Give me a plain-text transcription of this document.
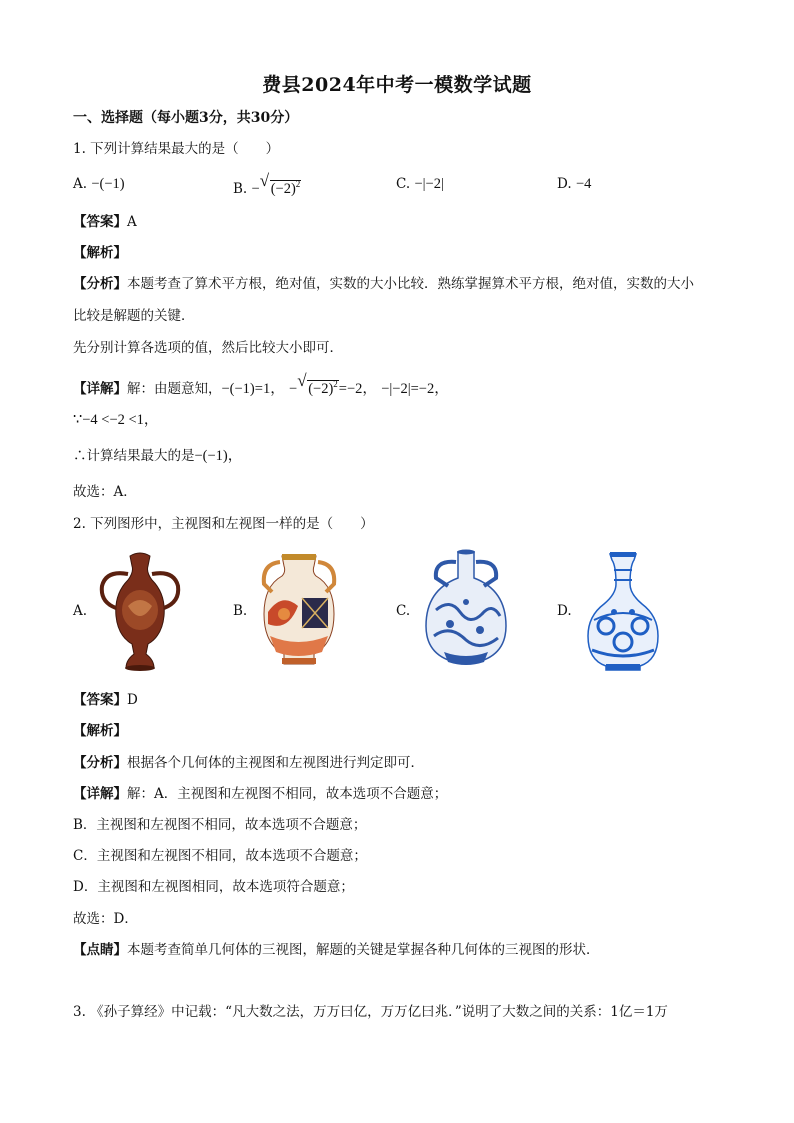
费县2024年中考一模数学试题
一、选择题（每小题3分，共30分）
1. 下列计算结果最大的是（　　）
A. −(−1)	B. − √ $(-2)^2$	C. −|−2|	D. −4
【答案】A
【解析】
【分析】本题考查了算术平方根，绝对值，实数的大小比较．熟练掌握算术平方根，绝对值，实数的大小
比较是解题的关键．
先分别计算各选项的值，然后比较大小即可．
【详解】解：由题意知，−(−1)=1， − √ $(-2)^2=-2$， −|−2|=−2，
∵−4 <−2 <1，
∴计算结果最大的是−(−1)，
故选：A．
2. 下列图形中，主视图和左视图一样的是（　　）
A.	B.	C.	D.
【答案】D
【解析】
【分析】根据各个几何体的主视图和左视图进行判定即可．
【详解】解：A．主视图和左视图不相同，故本选项不合题意；
B．主视图和左视图不相同，故本选项不合题意；
C．主视图和左视图不相同，故本选项不合题意；
D．主视图和左视图相同，故本选项符合题意；
故选：D．
【点睛】本题考查简单几何体的三视图，解题的关键是掌握各种几何体的三视图的形状．
3. 《孙子算经》中记载：“凡大数之法，万万曰亿，万万亿曰兆．”说明了大数之间的关系：1亿＝1万
